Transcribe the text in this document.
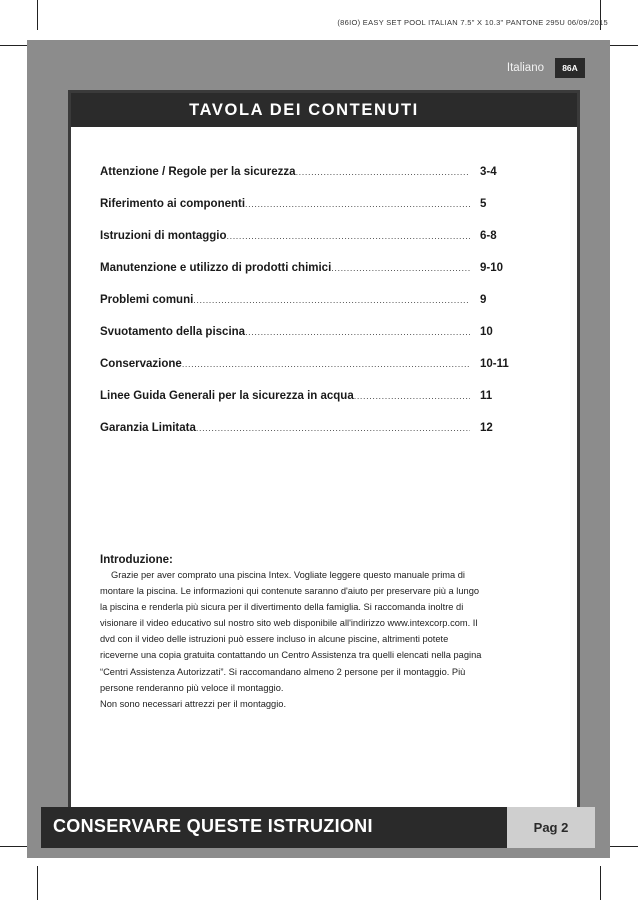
(86IO) EASY SET POOL ITALIAN 7.5" X 10.3" PANTONE 295U 06/09/2015
Italiano	86A
TAVOLA DEI CONTENUTI
Attenzione / Regole per la sicurezza .....	3-4
Riferimento ai componenti .....	5
Istruzioni di montaggio .....	6-8
Manutenzione e utilizzo di prodotti chimici .....	9-10
Problemi comuni .....	9
Svuotamento della piscina .....	10
Conservazione .....	10-11
Linee Guida Generali per la sicurezza in acqua .....	11
Garanzia Limitata .....	12
Introduzione:

Grazie per aver comprato una piscina Intex. Vogliate leggere questo manuale prima di
montare la piscina. Le informazioni qui contenute saranno d'aiuto per preservare più a lungo
la piscina e renderla più sicura per il divertimento della famiglia. Si raccomanda inoltre di
visionare il video educativo sul nostro sito web disponibile all'indirizzo www.intexcorp.com. Il
dvd con il video delle istruzioni può essere incluso in alcune piscine, altrimenti potete
riceverne una copia gratuita contattando un Centro Assistenza tra quelli elencati nella pagina
“Centri Assistenza Autorizzati”. Si raccomandano almeno 2 persone per il montaggio. Più
persone renderanno più veloce il montaggio.
Non sono necessari attrezzi per il montaggio.

CONSERVARE QUESTE ISTRUZIONI	Pag 2
